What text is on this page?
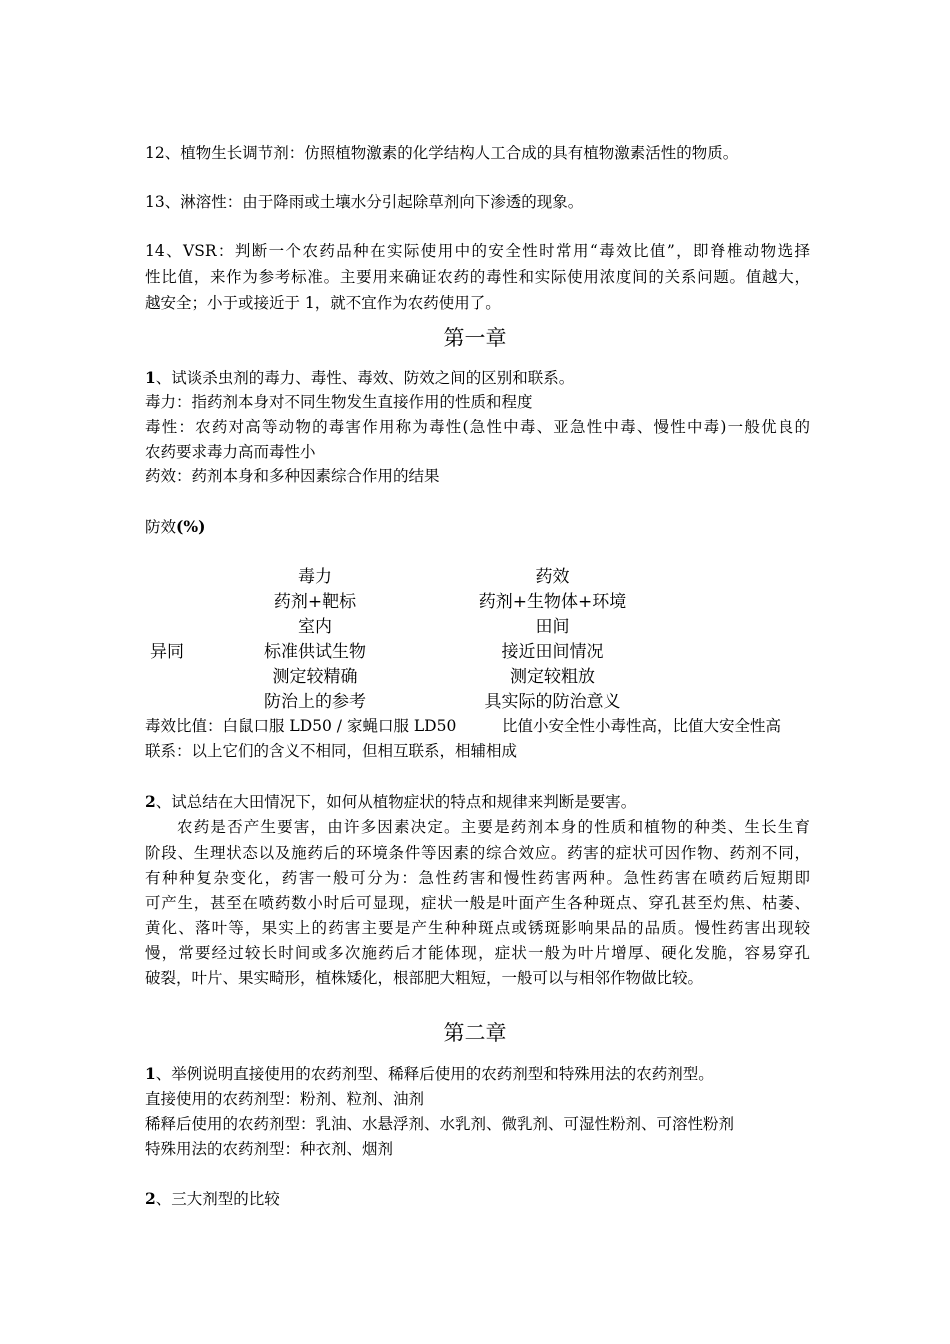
12、植物生长调节剂：仿照植物激素的化学结构人工合成的具有植物激素活性的物质。
13、淋溶性：由于降雨或土壤水分引起除草剂向下渗透的现象。
14、VSR：判断一个农药品种在实际使用中的安全性时常用“毒效比值”，即脊椎动物选择
性比值，来作为参考标准。主要用来确证农药的毒性和实际使用浓度间的关系问题。值越大，
越安全；小于或接近于 1，就不宜作为农药使用了。
第一章
1、试谈杀虫剂的毒力、毒性、毒效、防效之间的区别和联系。
毒力：指药剂本身对不同生物发生直接作用的性质和程度
毒性：农药对高等动物的毒害作用称为毒性(急性中毒、亚急性中毒、慢性中毒)一般优良的
农药要求毒力高而毒性小
药效：药剂本身和多种因素综合作用的结果
防效(%)
异同
毒力
药剂+靶标
室内
标准供试生物
测定较精确
防治上的参考
药效
药剂+生物体+环境
田间
接近田间情况
测定较粗放
具实际的防治意义
毒效比值：白鼠口服 LD50 / 家蝇口服 LD50	比值小安全性小毒性高，比值大安全性高
联系：以上它们的含义不相同，但相互联系，相辅相成
2、试总结在大田情况下，如何从植物症状的特点和规律来判断是要害。
农药是否产生要害，由许多因素决定。主要是药剂本身的性质和植物的种类、生长生育
阶段、生理状态以及施药后的环境条件等因素的综合效应。药害的症状可因作物、药剂不同，
有种种复杂变化，药害一般可分为：急性药害和慢性药害两种。急性药害在喷药后短期即
可产生，甚至在喷药数小时后可显现，症状一般是叶面产生各种斑点、穿孔甚至灼焦、枯萎、
黄化、落叶等，果实上的药害主要是产生种种斑点或锈斑影响果品的品质。慢性药害出现较
慢，常要经过较长时间或多次施药后才能体现，症状一般为叶片增厚、硬化发脆，容易穿孔
破裂，叶片、果实畸形，植株矮化，根部肥大粗短，一般可以与相邻作物做比较。
第二章
1、举例说明直接使用的农药剂型、稀释后使用的农药剂型和特殊用法的农药剂型。
直接使用的农药剂型：粉剂、粒剂、油剂
稀释后使用的农药剂型：乳油、水悬浮剂、水乳剂、微乳剂、可湿性粉剂、可溶性粉剂
特殊用法的农药剂型：种衣剂、烟剂
2、三大剂型的比较
